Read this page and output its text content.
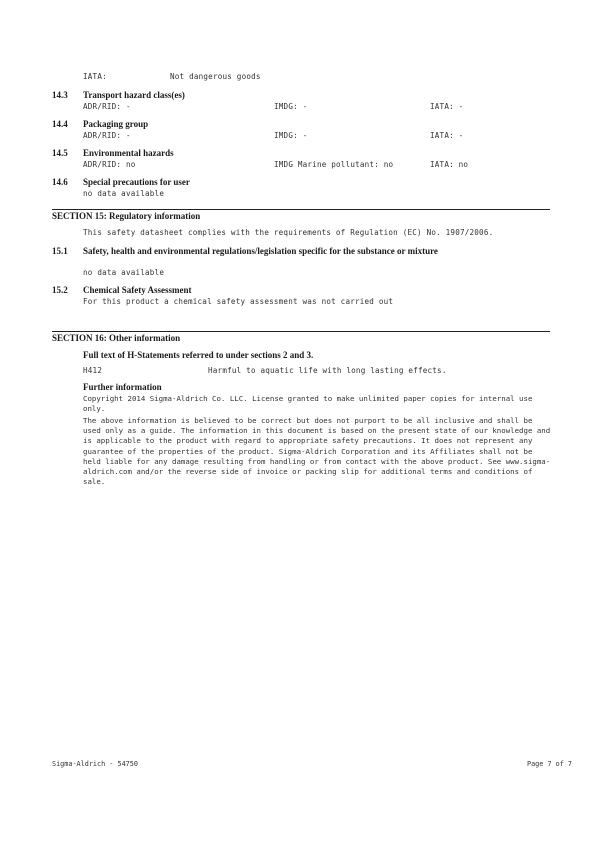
IATA:	Not dangerous goods
14.3 Transport hazard class(es)
ADR/RID: -	IMDG: -	IATA: -
14.4 Packaging group
ADR/RID: -	IMDG: -	IATA: -
14.5 Environmental hazards
ADR/RID: no	IMDG Marine pollutant: no	IATA: no
14.6 Special precautions for user
no data available
SECTION 15: Regulatory information
This safety datasheet complies with the requirements of Regulation (EC) No. 1907/2006.
15.1 Safety, health and environmental regulations/legislation specific for the substance or mixture
no data available
15.2 Chemical Safety Assessment
For this product a chemical safety assessment was not carried out
SECTION 16: Other information
Full text of H-Statements referred to under sections 2 and 3.
H412	Harmful to aquatic life with long lasting effects.
Further information
Copyright 2014 Sigma-Aldrich Co. LLC. License granted to make unlimited paper copies for internal use only.
The above information is believed to be correct but does not purport to be all inclusive and shall be used only as a guide. The information in this document is based on the present state of our knowledge and is applicable to the product with regard to appropriate safety precautions. It does not represent any guarantee of the properties of the product. Sigma-Aldrich Corporation and its Affiliates shall not be held liable for any damage resulting from handling or from contact with the above product. See www.sigma-aldrich.com and/or the reverse side of invoice or packing slip for additional terms and conditions of sale.
Sigma-Aldrich - 54750	Page 7 of 7
